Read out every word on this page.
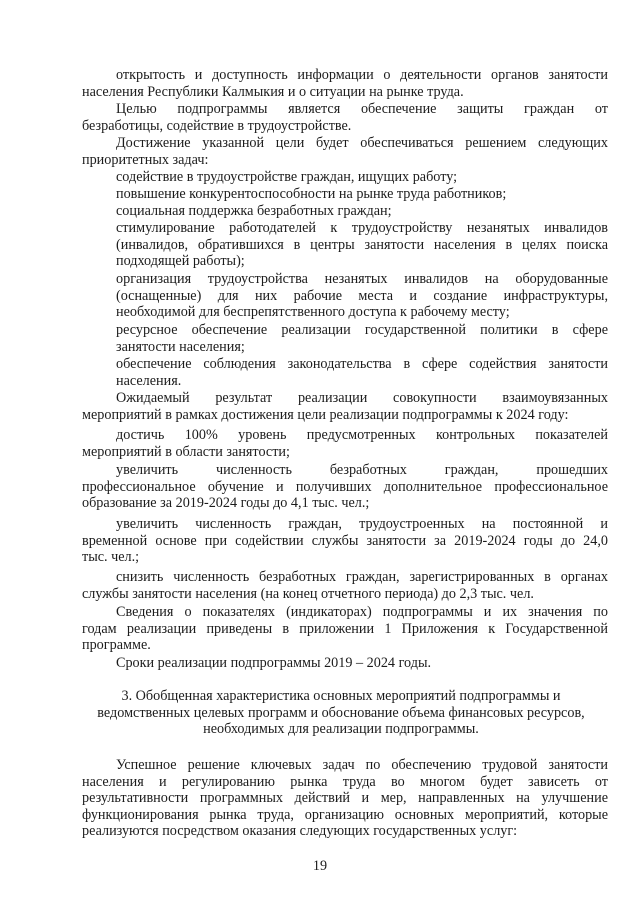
открытость и доступность информации о деятельности органов занятости
населения Республики Калмыкия и о ситуации на рынке труда.
Целью подпрограммы является обеспечение защиты граждан от
безработицы, содействие в трудоустройстве.
Достижение указанной цели будет обеспечиваться решением следующих
приоритетных задач:
содействие в трудоустройстве граждан, ищущих работу;
повышение конкурентоспособности на рынке труда работников;
социальная поддержка безработных граждан;
стимулирование работодателей к трудоустройству незанятых инвалидов
(инвалидов, обратившихся в центры занятости населения в целях поиска
подходящей работы);
организация трудоустройства незанятых инвалидов на оборудованные
(оснащенные) для них рабочие места и создание инфраструктуры,
необходимой для беспрепятственного доступа к рабочему месту;
ресурсное обеспечение реализации государственной политики в сфере
занятости населения;
обеспечение соблюдения законодательства в сфере содействия занятости
населения.
Ожидаемый результат реализации совокупности взаимоувязанных
мероприятий в рамках достижения цели реализации подпрограммы к 2024 году:
достичь 100% уровень предусмотренных контрольных показателей
мероприятий в области занятости;
увеличить численность безработных граждан, прошедших
профессиональное обучение и получивших дополнительное профессиональное
образование за 2019-2024 годы до 4,1 тыс. чел.;
увеличить численность граждан, трудоустроенных на постоянной и
временной основе при содействии службы занятости за 2019-2024 годы до 24,0
тыс. чел.;
снизить численность безработных граждан, зарегистрированных в органах
службы занятости населения (на конец отчетного периода) до 2,3 тыс. чел.
Сведения о показателях (индикаторах) подпрограммы и их значения по
годам реализации приведены в приложении 1 Приложения к Государственной
программе.
Сроки реализации подпрограммы 2019 – 2024 годы.
3. Обобщенная характеристика основных мероприятий подпрограммы и
ведомственных целевых программ и обоснование объема финансовых ресурсов,
необходимых для реализации подпрограммы.
Успешное решение ключевых задач по обеспечению трудовой занятости
населения и регулированию рынка труда во многом будет зависеть от
результативности программных действий и мер, направленных на улучшение
функционирования рынка труда, организацию основных мероприятий, которые
реализуются посредством оказания следующих государственных услуг:
19
